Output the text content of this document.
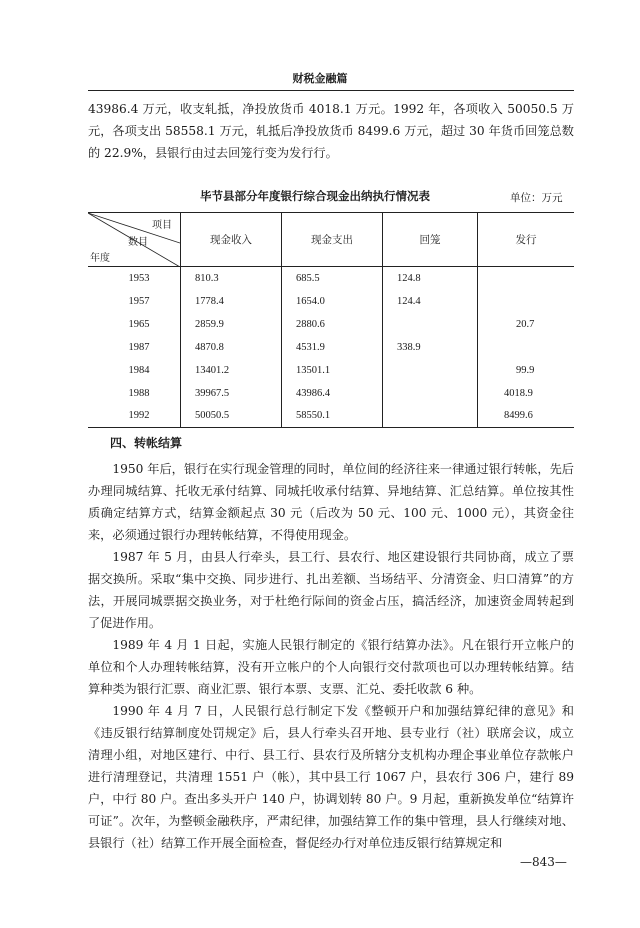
财税金融篇

43986.4 万元，收支轧抵，净投放货币 4018.1 万元。1992 年，各项收入 50050.5 万元，各项支出 58558.1 万元，轧抵后净投放货币 8499.6 万元，超过 30 年货币回笼总数的 22.9%，县银行由过去回笼行变为发行行。

毕节县部分年度银行综合现金出纳执行情况表	单位：万元
项目
数目
年度	现金收入	现金支出	回笼	发行
1953	810.3	685.5	124.8	
1957	1778.4	1654.0	124.4	
1965	2859.9	2880.6		20.7
1987	4870.8	4531.9	338.9	
1984	13401.2	13501.1		99.9
1988	39967.5	43986.4		4018.9
1992	50050.5	58550.1		8499.6
四、转帐结算

1950 年后，银行在实行现金管理的同时，单位间的经济往来一律通过银行转帐，先后办理同城结算、托收无承付结算、同城托收承付结算、异地结算、汇总结算。单位按其性质确定结算方式，结算金额起点 30 元（后改为 50 元、100 元、1000 元），其资金往来，必须通过银行办理转帐结算，不得使用现金。

1987 年 5 月，由县人行牵头，县工行、县农行、地区建设银行共同协商，成立了票据交换所。采取“集中交换、同步进行、扎出差额、当场结平、分清资金、归口清算”的方法，开展同城票据交换业务，对于杜绝行际间的资金占压，搞活经济，加速资金周转起到了促进作用。

1989 年 4 月 1 日起，实施人民银行制定的《银行结算办法》。凡在银行开立帐户的单位和个人办理转帐结算，没有开立帐户的个人向银行交付款项也可以办理转帐结算。结算种类为银行汇票、商业汇票、银行本票、支票、汇兑、委托收款 6 种。

1990 年 4 月 7 日，人民银行总行制定下发《整顿开户和加强结算纪律的意见》和《违反银行结算制度处罚规定》后，县人行牵头召开地、县专业行（社）联席会议，成立清理小组，对地区建行、中行、县工行、县农行及所辖分支机构办理企事业单位存款帐户进行清理登记，共清理 1551 户（帐），其中县工行 1067 户，县农行 306 户，建行 89 户，中行 80 户。查出多头开户 140 户，协调划转 80 户。9 月起，重新换发单位“结算许可证”。次年，为整顿金融秩序，严肃纪律，加强结算工作的集中管理，县人行继续对地、县银行（社）结算工作开展全面检查，督促经办行对单位违反银行结算规定和

—843—
